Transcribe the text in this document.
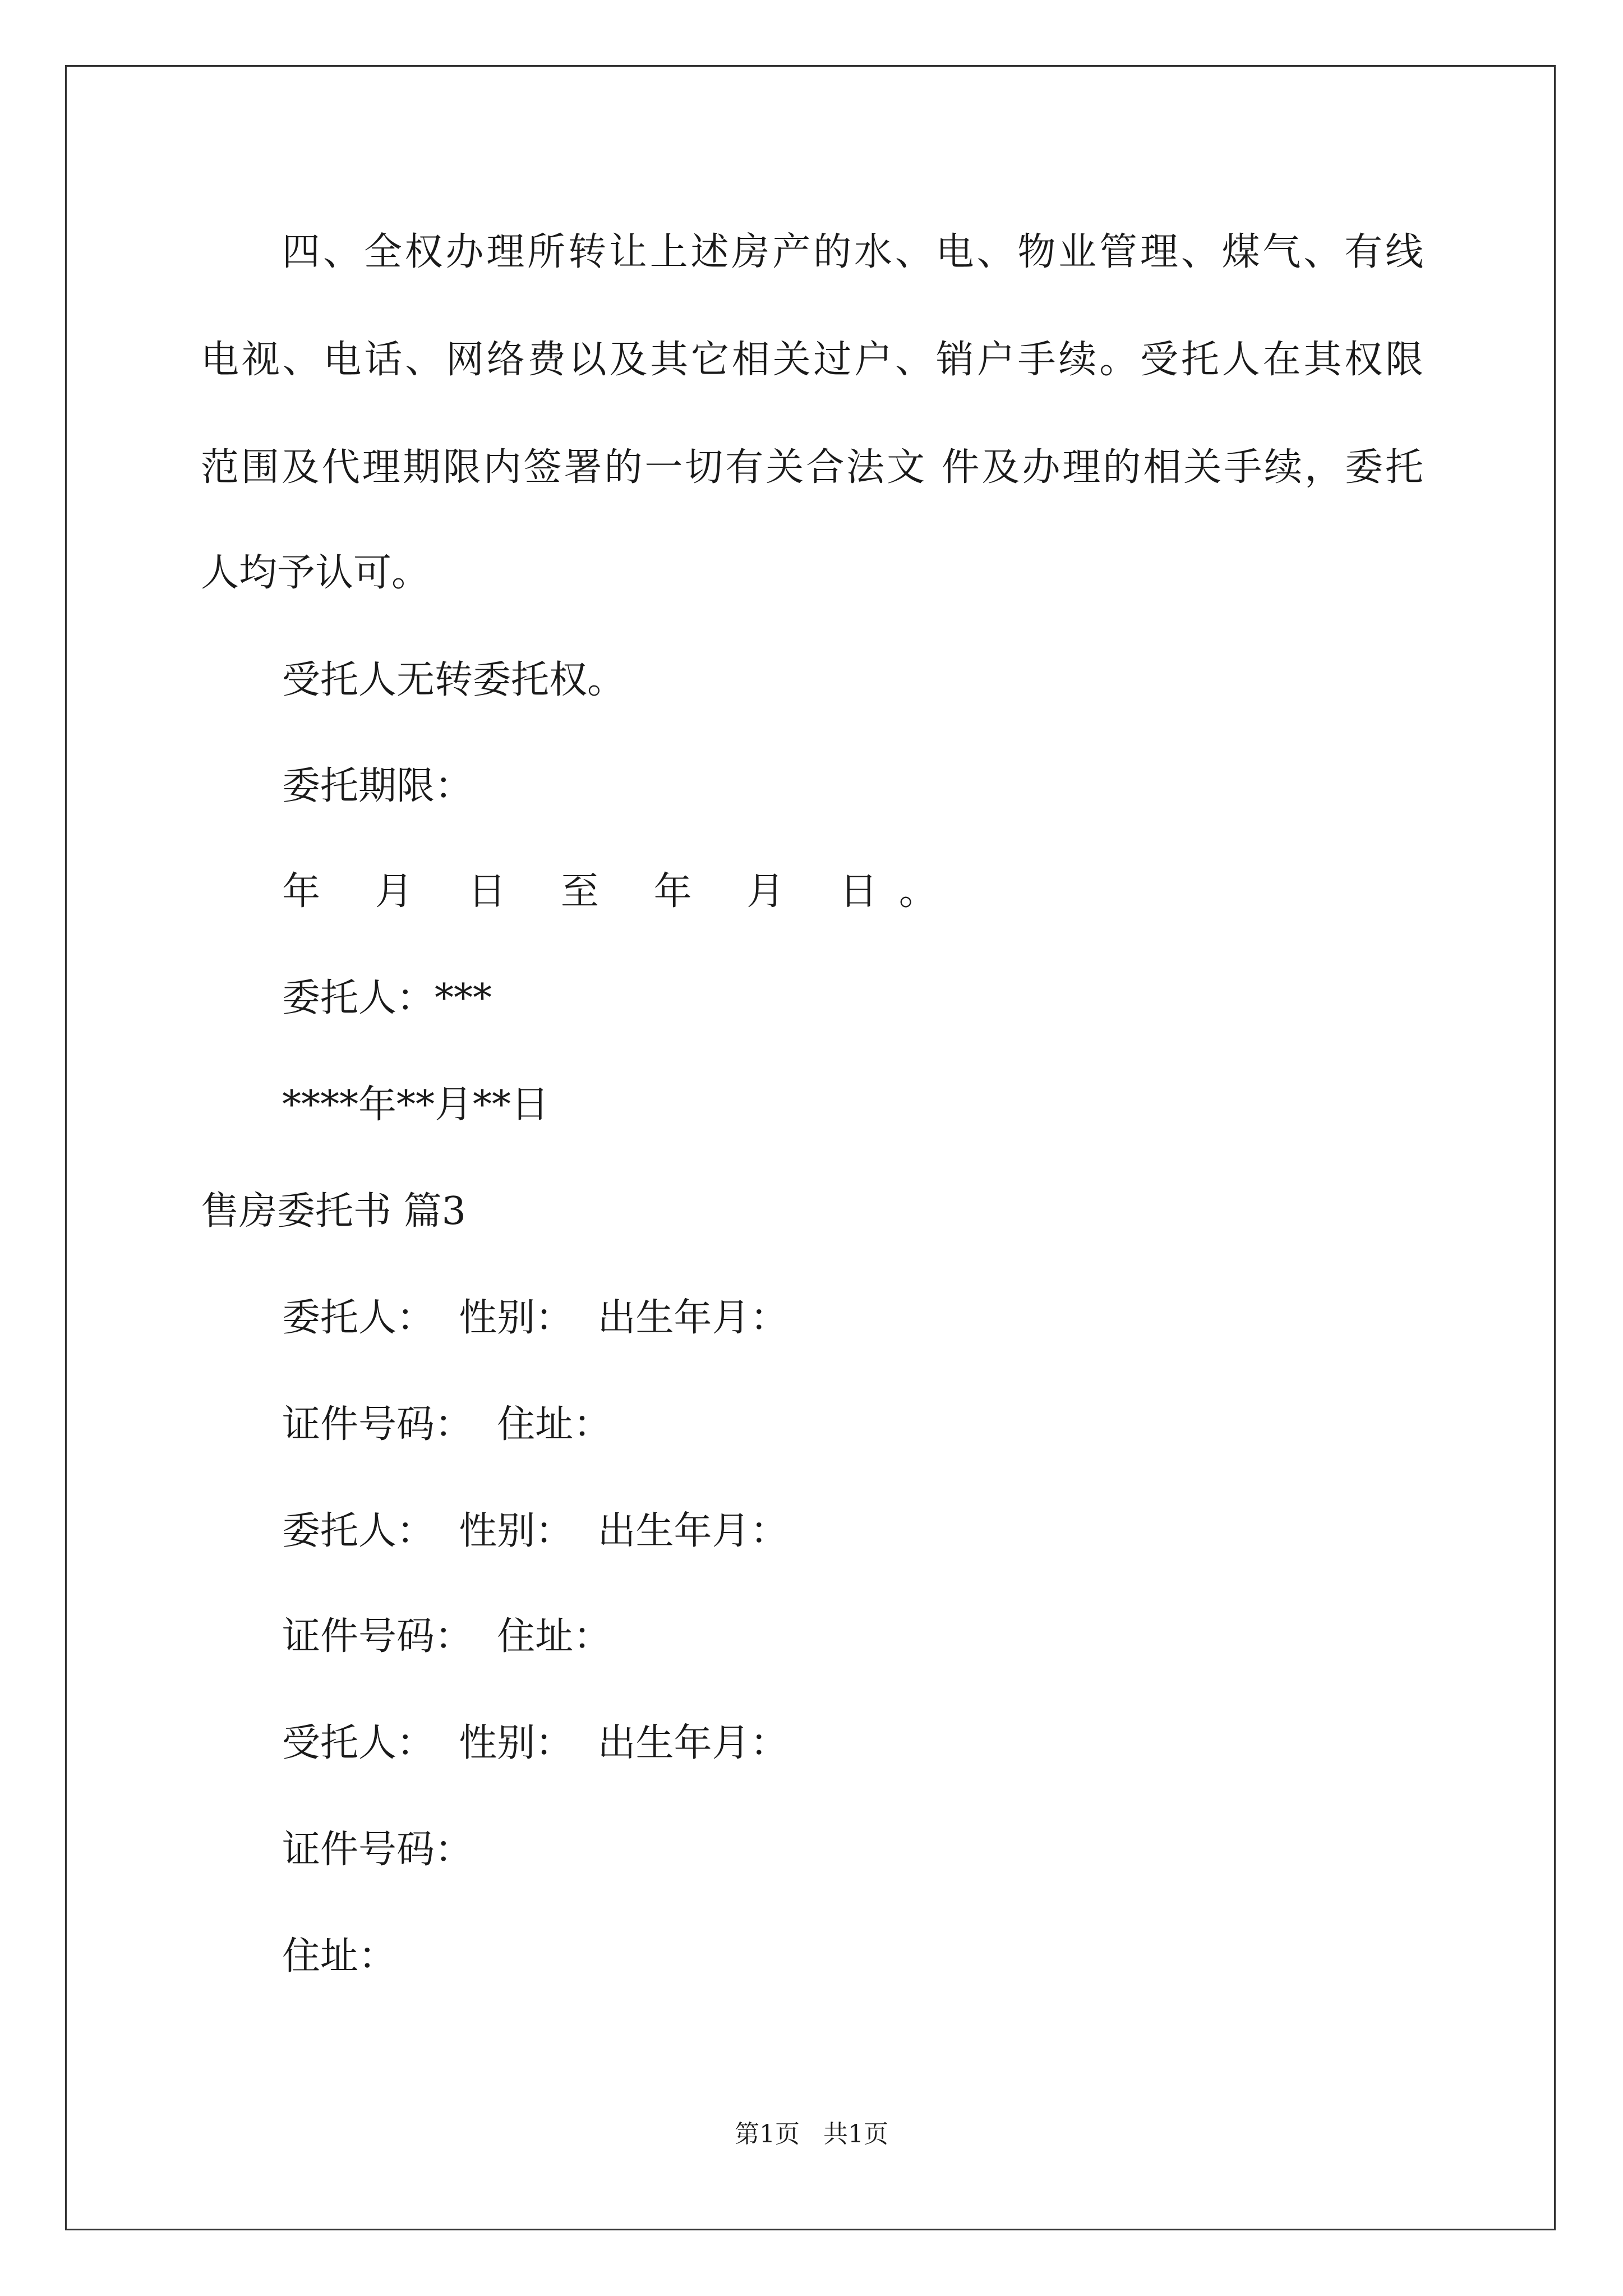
四、全权办理所转让上述房产的水、电、物业管理、煤气、有线
电视、电话、网络费以及其它相关过户、销户手续。受托人在其权限
范围及代理期限内签署的一切有关合法文 件及办理的相关手续，委托
人均予认可。
受托人无转委托权。
委托期限：
年 月 日 至 年 月 日。
委托人：***
****年**月**日
售房委托书 篇3
委托人：  性别：  出生年月：
证件号码：  住址：
委托人：  性别：  出生年月：
证件号码：  住址：
受托人：  性别：  出生年月：
证件号码：
住址：
第1页   共1页
